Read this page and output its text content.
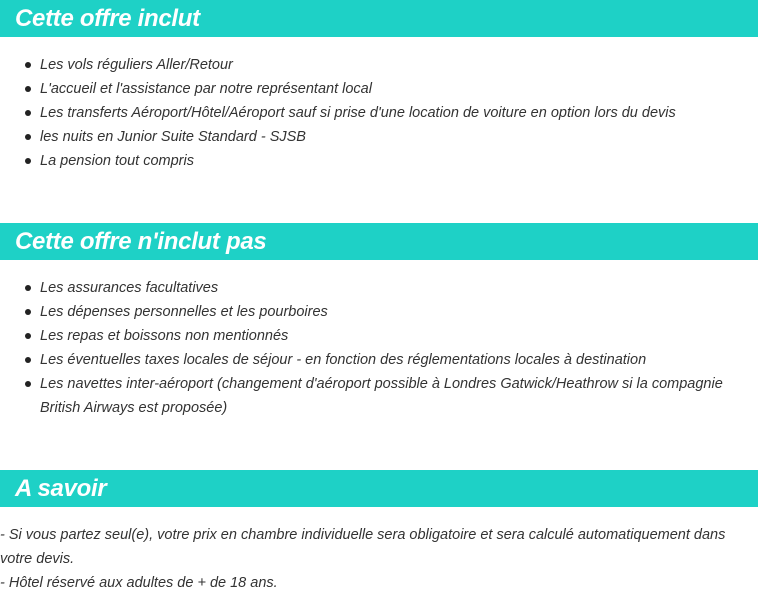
Cette offre inclut
Les vols réguliers Aller/Retour
L'accueil et l'assistance par notre représentant local
Les transferts Aéroport/Hôtel/Aéroport sauf si prise d'une location de voiture en option lors du devis
les nuits en Junior Suite Standard - SJSB
La pension tout compris
Cette offre n'inclut pas
Les assurances facultatives
Les dépenses personnelles et les pourboires
Les repas et boissons non mentionnés
Les éventuelles taxes locales de séjour - en fonction des réglementations locales à destination
Les navettes inter-aéroport (changement d'aéroport possible à Londres Gatwick/Heathrow si la compagnie British Airways est proposée)
A savoir

- Si vous partez seul(e), votre prix en chambre individuelle sera obligatoire et sera calculé automatiquement dans votre devis.

- Hôtel réservé aux adultes de + de 18 ans.
